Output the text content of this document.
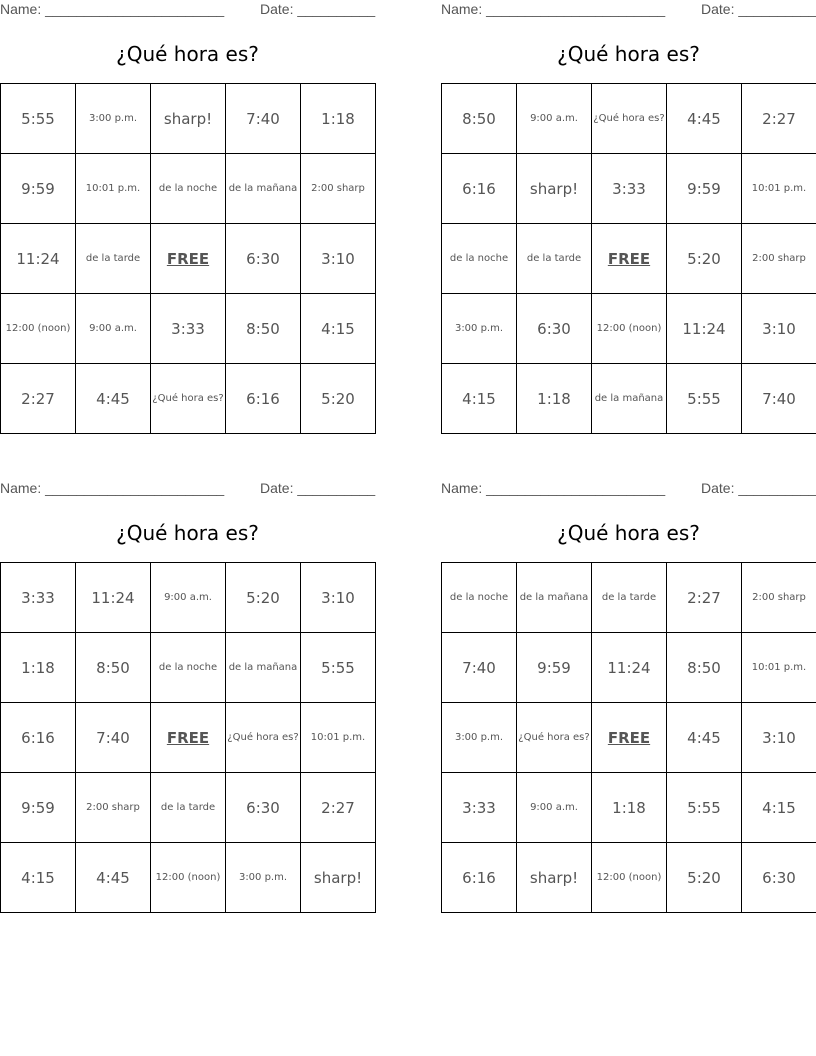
Name: _______________________	Date: __________
¿Qué hora es?
5:55	3:00 p.m.	sharp!	7:40	1:18
9:59	10:01 p.m.	de la noche	de la mañana	2:00 sharp
11:24	de la tarde	FREE	6:30	3:10
12:00 (noon)	9:00 a.m.	3:33	8:50	4:15
2:27	4:45	¿Qué hora es?	6:16	5:20
Name: _______________________	Date: __________
¿Qué hora es?
8:50	9:00 a.m.	¿Qué hora es?	4:45	2:27
6:16	sharp!	3:33	9:59	10:01 p.m.
de la noche	de la tarde	FREE	5:20	2:00 sharp
3:00 p.m.	6:30	12:00 (noon)	11:24	3:10
4:15	1:18	de la mañana	5:55	7:40
Name: _______________________	Date: __________
¿Qué hora es?
3:33	11:24	9:00 a.m.	5:20	3:10
1:18	8:50	de la noche	de la mañana	5:55
6:16	7:40	FREE	¿Qué hora es?	10:01 p.m.
9:59	2:00 sharp	de la tarde	6:30	2:27
4:15	4:45	12:00 (noon)	3:00 p.m.	sharp!
Name: _______________________	Date: __________
¿Qué hora es?
de la noche	de la mañana	de la tarde	2:27	2:00 sharp
7:40	9:59	11:24	8:50	10:01 p.m.
3:00 p.m.	¿Qué hora es?	FREE	4:45	3:10
3:33	9:00 a.m.	1:18	5:55	4:15
6:16	sharp!	12:00 (noon)	5:20	6:30
